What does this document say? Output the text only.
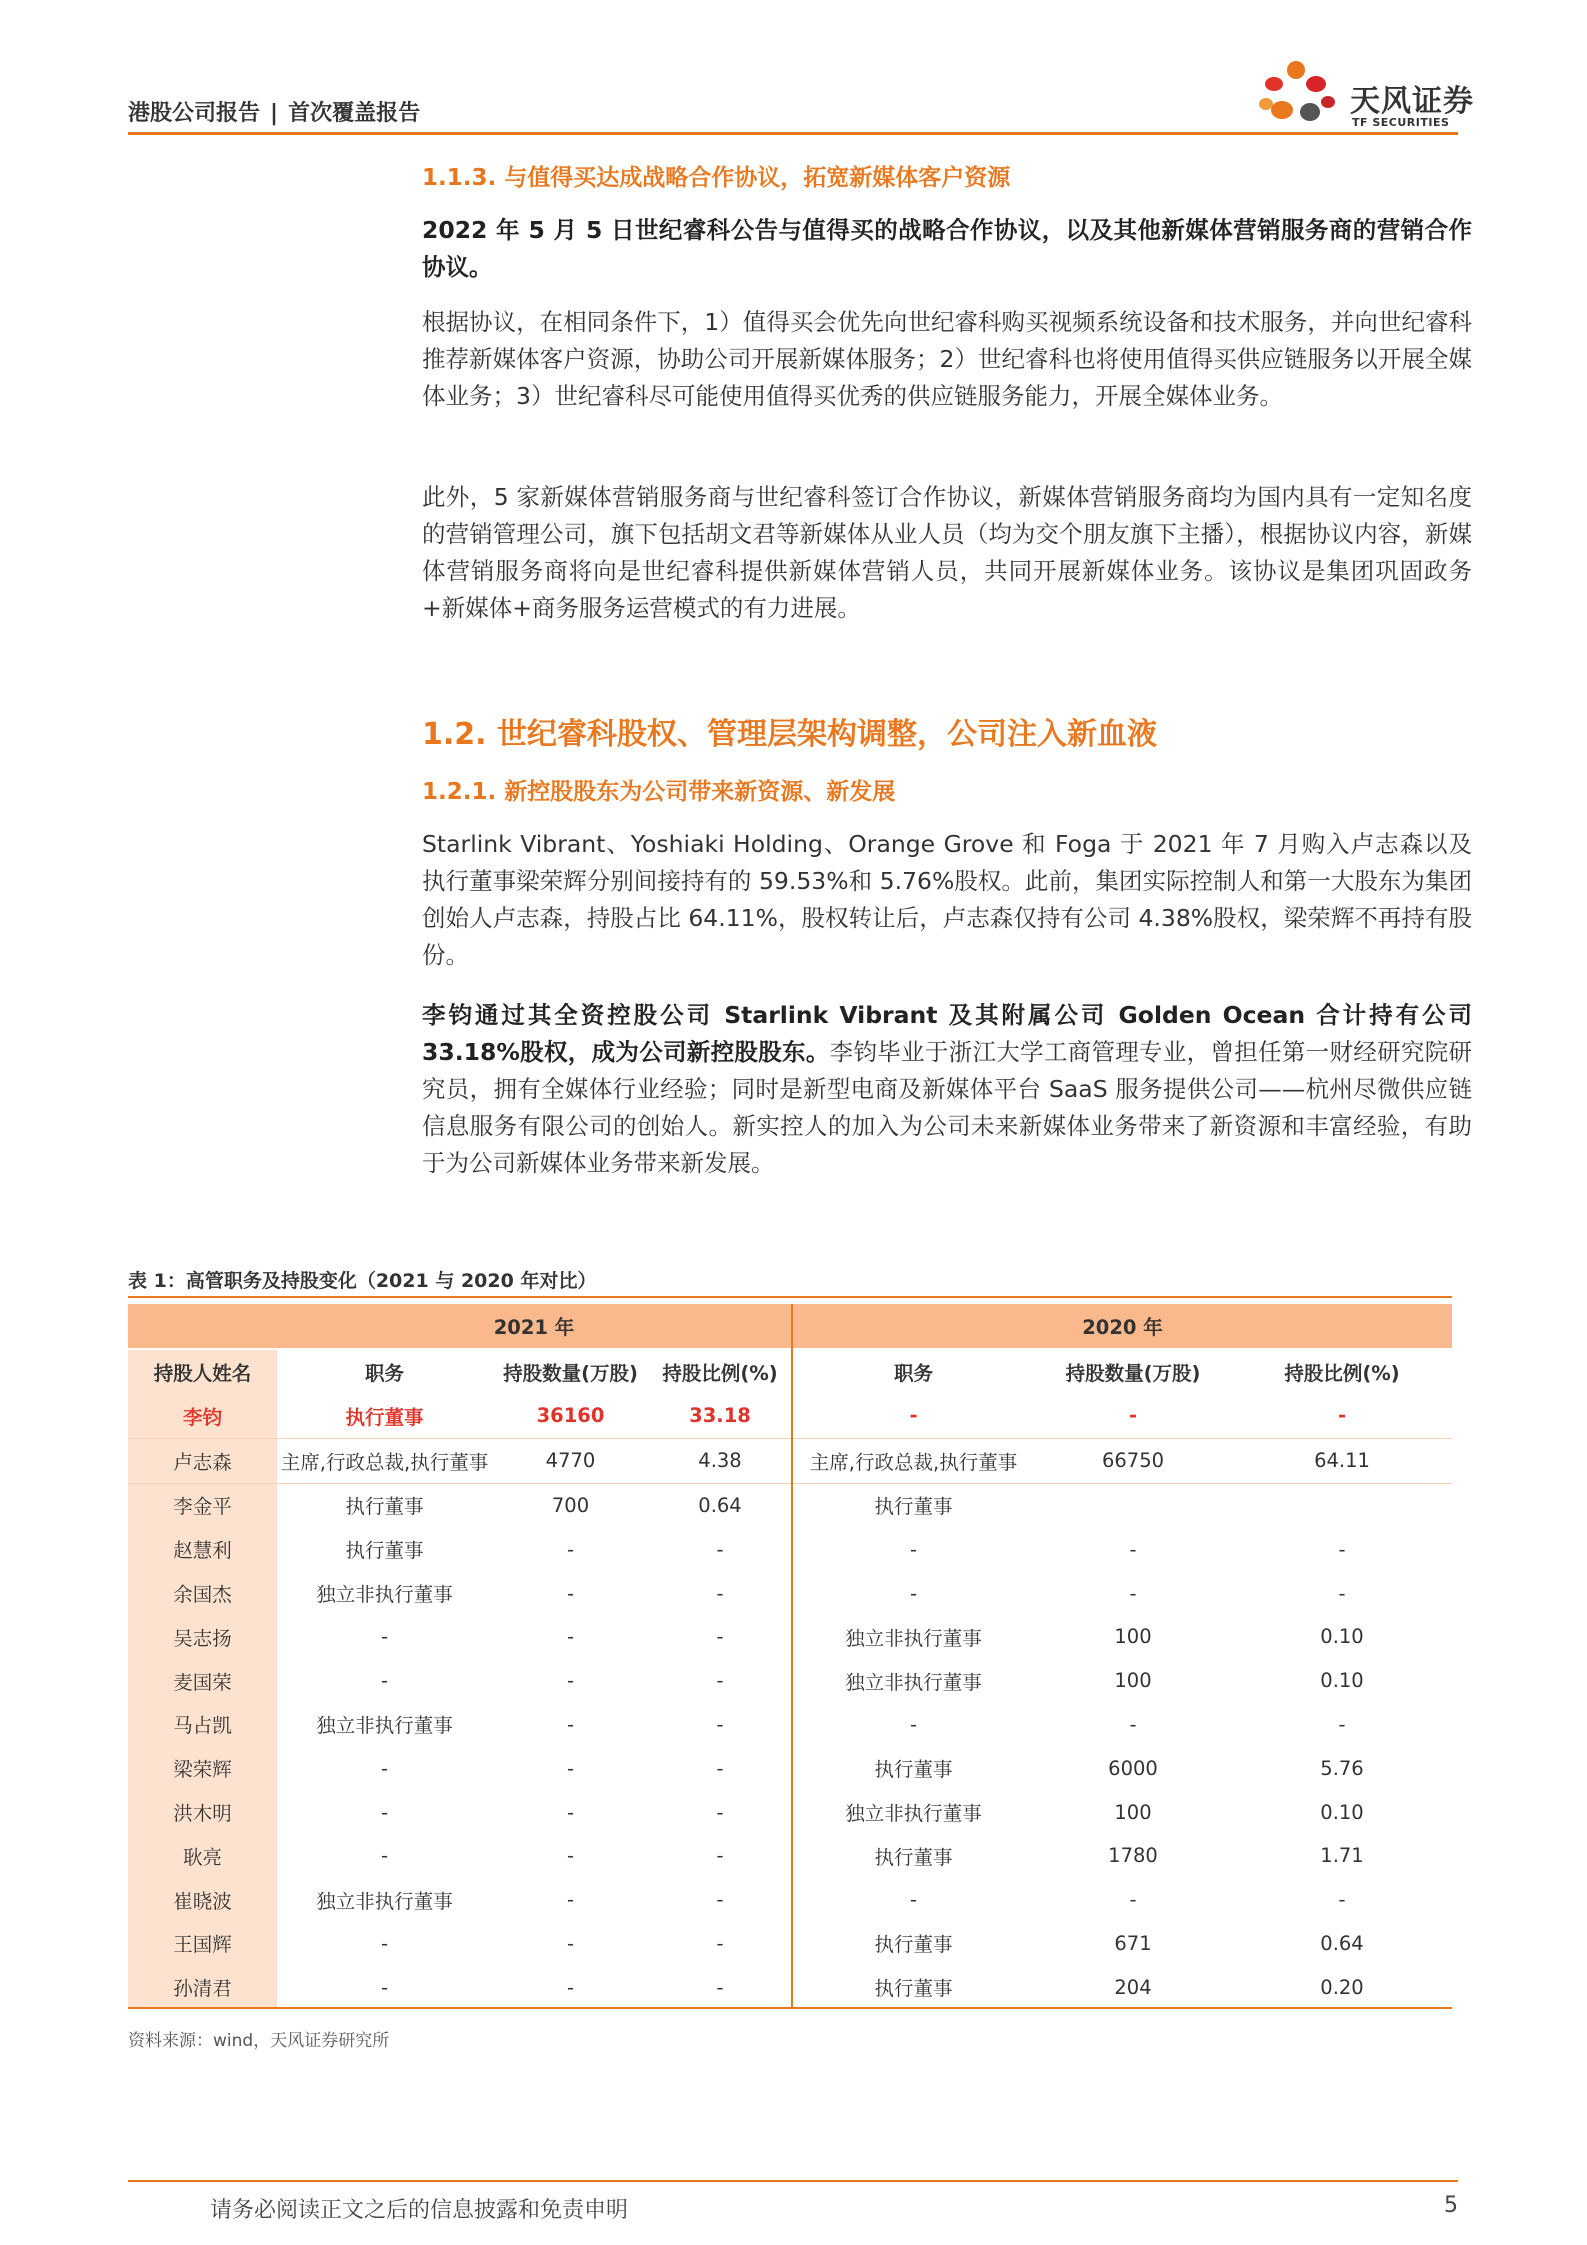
港股公司报告 | 首次覆盖报告	天风证券
TF SECURITIES
1.1.3. 与值得买达成战略合作协议，拓宽新媒体客户资源

2022 年 5 月 5 日世纪睿科公告与值得买的战略合作协议，以及其他新媒体营销服务商的营销合作协议。

根据协议，在相同条件下，1）值得买会优先向世纪睿科购买视频系统设备和技术服务，并向世纪睿科推荐新媒体客户资源，协助公司开展新媒体服务；2）世纪睿科也将使用值得买供应链服务以开展全媒体业务；3）世纪睿科尽可能使用值得买优秀的供应链服务能力，开展全媒体业务。

此外，5 家新媒体营销服务商与世纪睿科签订合作协议，新媒体营销服务商均为国内具有一定知名度的营销管理公司，旗下包括胡文君等新媒体从业人员（均为交个朋友旗下主播），根据协议内容，新媒体营销服务商将向是世纪睿科提供新媒体营销人员，共同开展新媒体业务。该协议是集团巩固政务+新媒体+商务服务运营模式的有力进展。

1.2. 世纪睿科股权、管理层架构调整，公司注入新血液
1.2.1. 新控股股东为公司带来新资源、新发展

Starlink Vibrant、Yoshiaki Holding、Orange Grove 和 Foga 于 2021 年 7 月购入卢志森以及执行董事梁荣辉分别间接持有的 59.53%和 5.76%股权。此前，集团实际控制人和第一大股东为集团创始人卢志森，持股占比 64.11%，股权转让后，卢志森仅持有公司 4.38%股权，梁荣辉不再持有股份。

李钧通过其全资控股公司 Starlink Vibrant 及其附属公司 Golden Ocean 合计持有公司 33.18%股权，成为公司新控股股东。李钧毕业于浙江大学工商管理专业，曾担任第一财经研究院研究员，拥有全媒体行业经验；同时是新型电商及新媒体平台 SaaS 服务提供公司——杭州尽微供应链信息服务有限公司的创始人。新实控人的加入为公司未来新媒体业务带来了新资源和丰富经验，有助于为公司新媒体业务带来新发展。

表 1：高管职务及持股变化（2021 与 2020 年对比）
	2021 年			2020 年		
持股人姓名	职务	持股数量(万股)	持股比例(%)	职务	持股数量(万股)	持股比例(%)
李钧	执行董事	36160	33.18	-	-	-
卢志森	主席,行政总裁,执行董事	4770	4.38	主席,行政总裁,执行董事	66750	64.11
李金平	执行董事	700	0.64	执行董事		
赵慧利	执行董事	-	-	-	-	-
余国杰	独立非执行董事	-	-	-	-	-
吴志扬	-	-	-	独立非执行董事	100	0.10
麦国荣	-	-	-	独立非执行董事	100	0.10
马占凯	独立非执行董事	-	-	-	-	-
梁荣辉	-	-	-	执行董事	6000	5.76
洪木明	-	-	-	独立非执行董事	100	0.10
耿亮	-	-	-	执行董事	1780	1.71
崔晓波	独立非执行董事	-	-	-	-	-
王国辉	-	-	-	执行董事	671	0.64
孙清君	-	-	-	执行董事	204	0.20
资料来源：wind，天风证券研究所
请务必阅读正文之后的信息披露和免责申明	5
